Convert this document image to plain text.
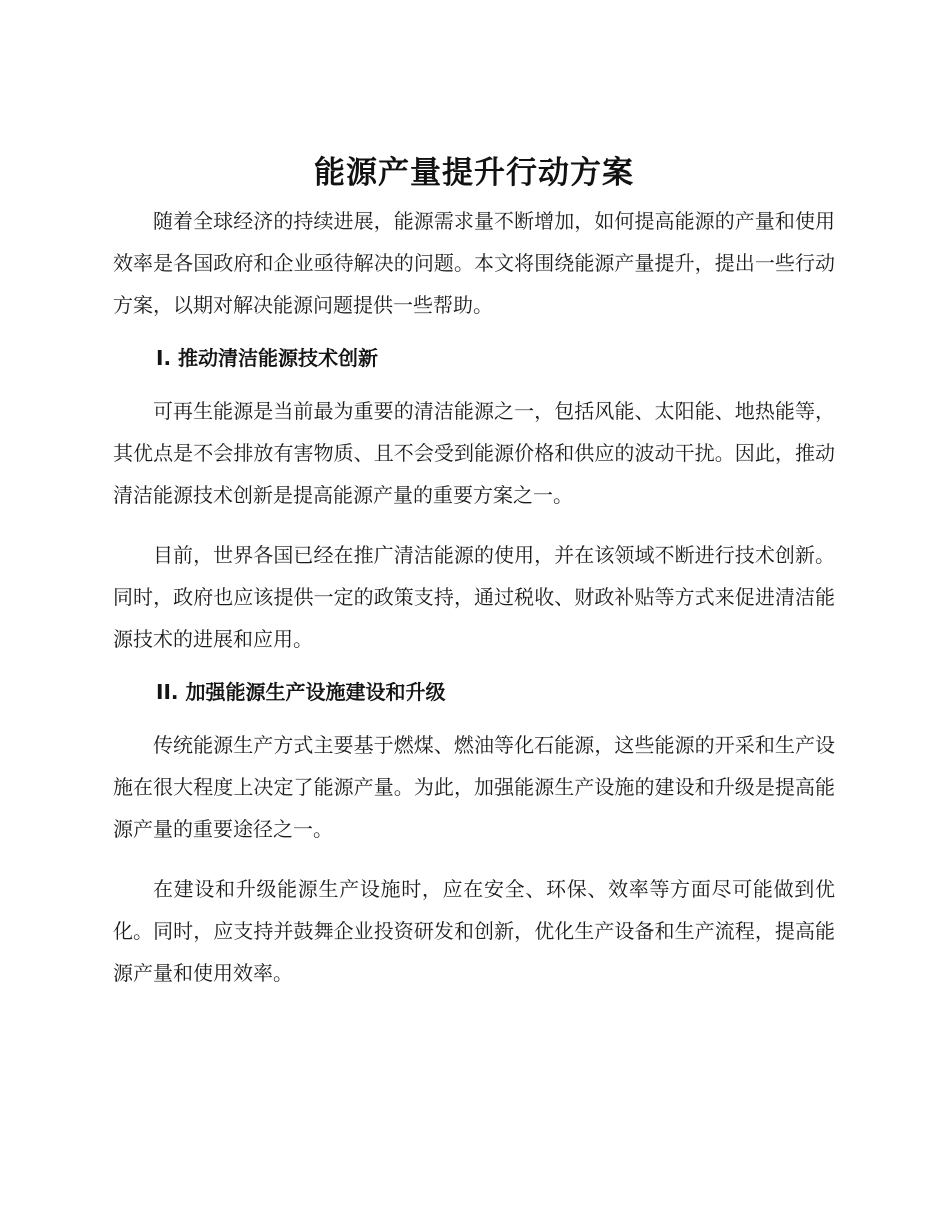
能源产量提升行动方案

随着全球经济的持续进展，能源需求量不断增加，如何提高能源的产量和使用效率是各国政府和企业亟待解决的问题。本文将围绕能源产量提升，提出一些行动方案，以期对解决能源问题提供一些帮助。

I. 推动清洁能源技术创新

可再生能源是当前最为重要的清洁能源之一，包括风能、太阳能、地热能等，其优点是不会排放有害物质、且不会受到能源价格和供应的波动干扰。因此，推动清洁能源技术创新是提高能源产量的重要方案之一。

目前，世界各国已经在推广清洁能源的使用，并在该领域不断进行技术创新。同时，政府也应该提供一定的政策支持，通过税收、财政补贴等方式来促进清洁能源技术的进展和应用。

II. 加强能源生产设施建设和升级

传统能源生产方式主要基于燃煤、燃油等化石能源，这些能源的开采和生产设施在很大程度上决定了能源产量。为此，加强能源生产设施的建设和升级是提高能源产量的重要途径之一。

在建设和升级能源生产设施时，应在安全、环保、效率等方面尽可能做到优化。同时，应支持并鼓舞企业投资研发和创新，优化生产设备和生产流程，提高能源产量和使用效率。
